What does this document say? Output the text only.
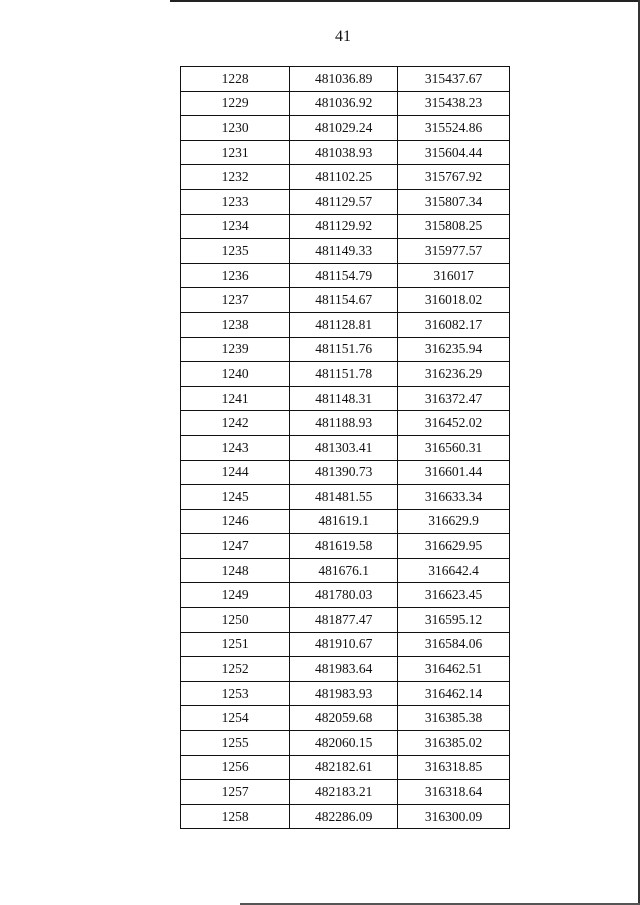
41
1228	481036.89	315437.67
1229	481036.92	315438.23
1230	481029.24	315524.86
1231	481038.93	315604.44
1232	481102.25	315767.92
1233	481129.57	315807.34
1234	481129.92	315808.25
1235	481149.33	315977.57
1236	481154.79	316017
1237	481154.67	316018.02
1238	481128.81	316082.17
1239	481151.76	316235.94
1240	481151.78	316236.29
1241	481148.31	316372.47
1242	481188.93	316452.02
1243	481303.41	316560.31
1244	481390.73	316601.44
1245	481481.55	316633.34
1246	481619.1	316629.9
1247	481619.58	316629.95
1248	481676.1	316642.4
1249	481780.03	316623.45
1250	481877.47	316595.12
1251	481910.67	316584.06
1252	481983.64	316462.51
1253	481983.93	316462.14
1254	482059.68	316385.38
1255	482060.15	316385.02
1256	482182.61	316318.85
1257	482183.21	316318.64
1258	482286.09	316300.09
